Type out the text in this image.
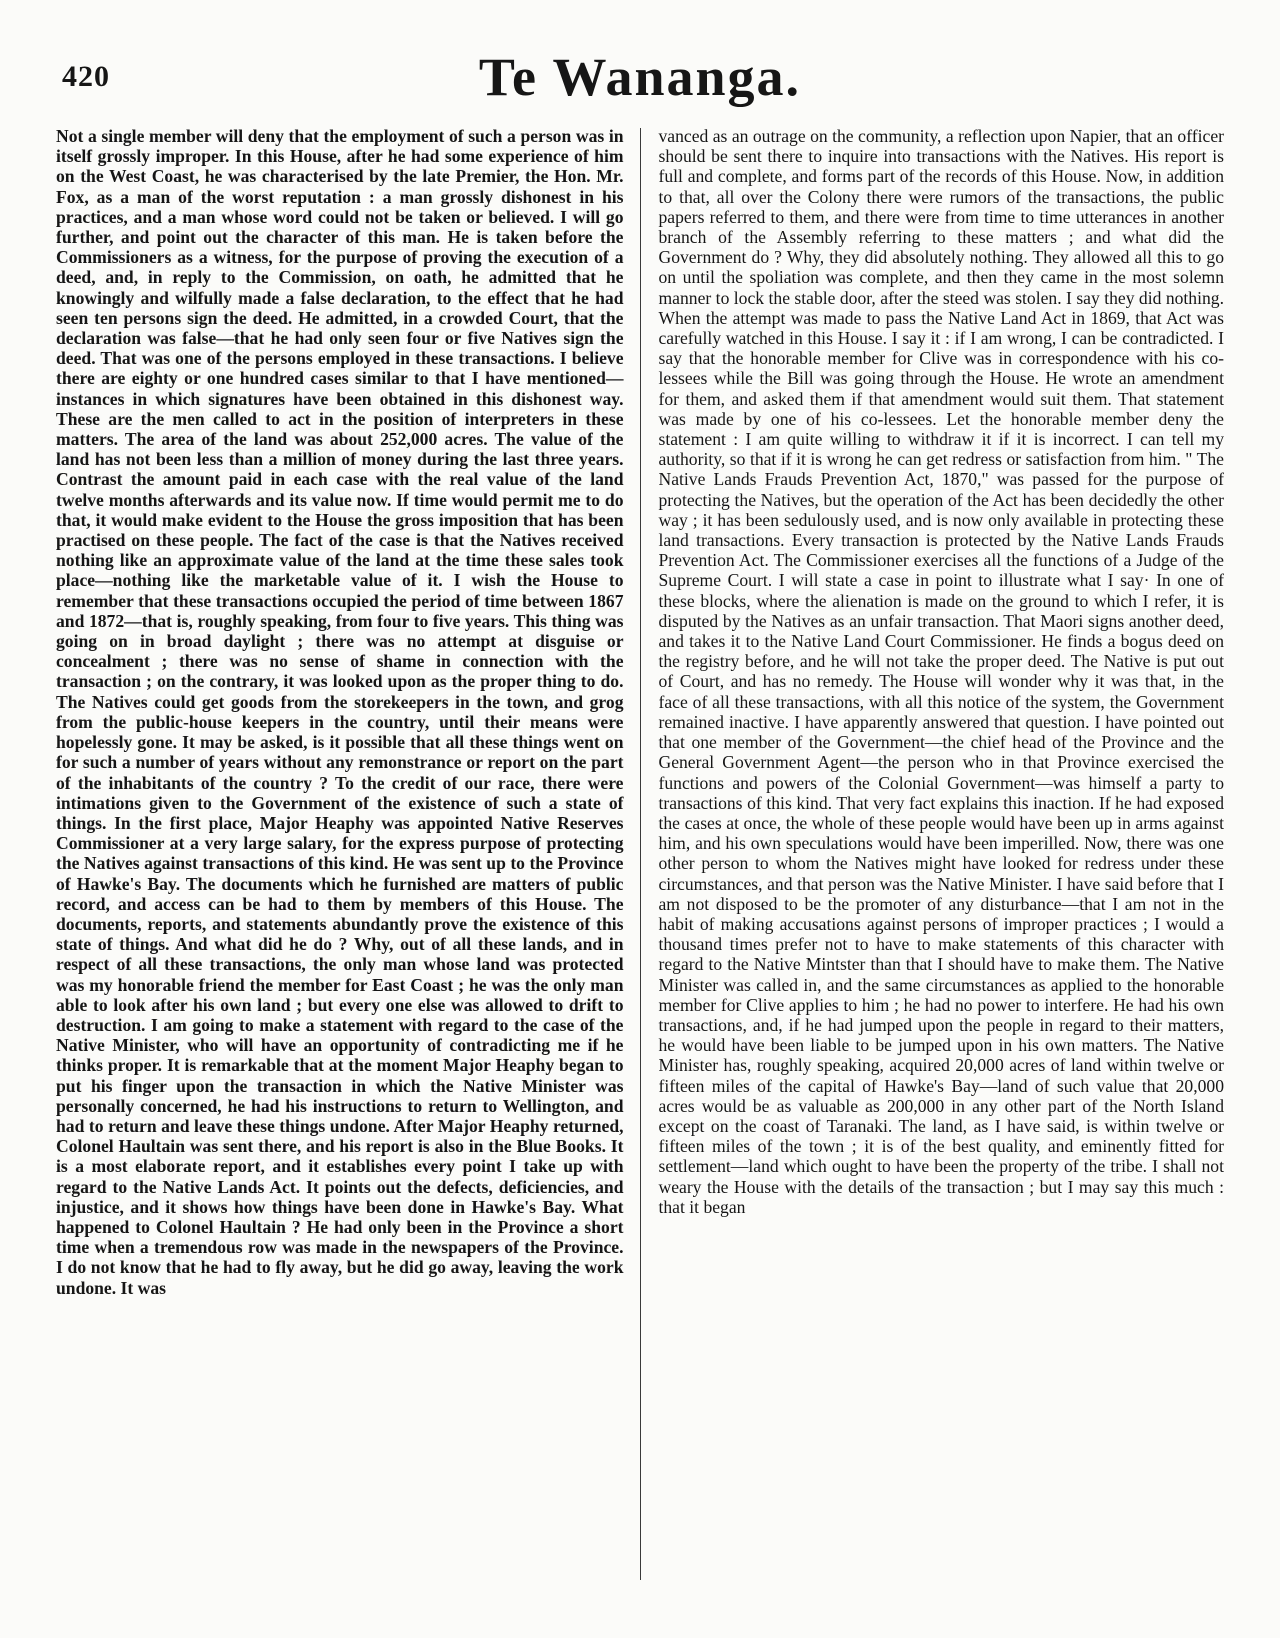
420	Te Wananga.
Not a single member will deny that the employment of such a person was in itself grossly improper. In this House, after he had some experience of him on the West Coast, he was characterised by the late Premier, the Hon. Mr. Fox, as a man of the worst reputation : a man grossly dishonest in his practices, and a man whose word could not be taken or believed. I will go further, and point out the character of this man. He is taken before the Commissioners as a witness, for the purpose of proving the execution of a deed, and, in reply to the Commission, on oath, he admitted that he knowingly and wilfully made a false declaration, to the effect that he had seen ten persons sign the deed. He admitted, in a crowded Court, that the declaration was false—that he had only seen four or five Natives sign the deed. That was one of the persons employed in these transactions. I believe there are eighty or one hundred cases similar to that I have mentioned—instances in which signatures have been obtained in this dishonest way. These are the men called to act in the position of interpreters in these matters. The area of the land was about 252,000 acres. The value of the land has not been less than a million of money during the last three years. Contrast the amount paid in each case with the real value of the land twelve months afterwards and its value now. If time would permit me to do that, it would make evident to the House the gross imposition that has been practised on these people. The fact of the case is that the Natives received nothing like an approximate value of the land at the time these sales took place—nothing like the marketable value of it. I wish the House to remember that these transactions occupied the period of time between 1867 and 1872—that is, roughly speaking, from four to five years. This thing was going on in broad daylight ; there was no attempt at disguise or concealment ; there was no sense of shame in connection with the transaction ; on the contrary, it was looked upon as the proper thing to do. The Natives could get goods from the storekeepers in the town, and grog from the public-house keepers in the country, until their means were hopelessly gone. It may be asked, is it possible that all these things went on for such a number of years without any remonstrance or report on the part of the inhabitants of the country ? To the credit of our race, there were intimations given to the Government of the existence of such a state of things. In the first place, Major Heaphy was appointed Native Reserves Commissioner at a very large salary, for the express purpose of protecting the Natives against transactions of this kind. He was sent up to the Province of Hawke's Bay. The documents which he furnished are matters of public record, and access can be had to them by members of this House. The documents, reports, and statements abundantly prove the existence of this state of things. And what did he do ? Why, out of all these lands, and in respect of all these transactions, the only man whose land was protected was my honorable friend the member for East Coast ; he was the only man able to look after his own land ; but every one else was allowed to drift to destruction. I am going to make a statement with regard to the case of the Native Minister, who will have an opportunity of contradicting me if he thinks proper. It is remarkable that at the moment Major Heaphy began to put his finger upon the transaction in which the Native Minister was personally concerned, he had his instructions to return to Wellington, and had to return and leave these things undone. After Major Heaphy returned, Colonel Haultain was sent there, and his report is also in the Blue Books. It is a most elaborate report, and it establishes every point I take up with regard to the Native Lands Act. It points out the defects, deficiencies, and injustice, and it shows how things have been done in Hawke's Bay. What happened to Colonel Haultain ? He had only been in the Province a short time when a tremendous row was made in the newspapers of the Province. I do not know that he had to fly away, but he did go away, leaving the work undone. It was
vanced as an outrage on the community, a reflection upon Napier, that an officer should be sent there to inquire into transactions with the Natives. His report is full and complete, and forms part of the records of this House. Now, in addition to that, all over the Colony there were rumors of the transactions, the public papers referred to them, and there were from time to time utterances in another branch of the Assembly referring to these matters ; and what did the Government do ? Why, they did absolutely nothing. They allowed all this to go on until the spoliation was complete, and then they came in the most solemn manner to lock the stable door, after the steed was stolen. I say they did nothing. When the attempt was made to pass the Native Land Act in 1869, that Act was carefully watched in this House. I say it : if I am wrong, I can be contradicted. I say that the honorable member for Clive was in correspondence with his co-lessees while the Bill was going through the House. He wrote an amendment for them, and asked them if that amendment would suit them. That statement was made by one of his co-lessees. Let the honorable member deny the statement : I am quite willing to withdraw it if it is incorrect. I can tell my authority, so that if it is wrong he can get redress or satisfaction from him. " The Native Lands Frauds Prevention Act, 1870," was passed for the purpose of protecting the Natives, but the operation of the Act has been decidedly the other way ; it has been sedulously used, and is now only available in protecting these land transactions. Every transaction is protected by the Native Lands Frauds Prevention Act. The Commissioner exercises all the functions of a Judge of the Supreme Court. I will state a case in point to illustrate what I say· In one of these blocks, where the alienation is made on the ground to which I refer, it is disputed by the Natives as an unfair transaction. That Maori signs another deed, and takes it to the Native Land Court Commissioner. He finds a bogus deed on the registry before, and he will not take the proper deed. The Native is put out of Court, and has no remedy. The House will wonder why it was that, in the face of all these transactions, with all this notice of the system, the Government remained inactive. I have apparently answered that question. I have pointed out that one member of the Government—the chief head of the Province and the General Government Agent—the person who in that Province exercised the functions and powers of the Colonial Government—was himself a party to transactions of this kind. That very fact explains this inaction. If he had exposed the cases at once, the whole of these people would have been up in arms against him, and his own speculations would have been imperilled. Now, there was one other person to whom the Natives might have looked for redress under these circumstances, and that person was the Native Minister. I have said before that I am not disposed to be the promoter of any disturbance—that I am not in the habit of making accusations against persons of improper practices ; I would a thousand times prefer not to have to make statements of this character with regard to the Native Mintster than that I should have to make them. The Native Minister was called in, and the same circumstances as applied to the honorable member for Clive applies to him ; he had no power to interfere. He had his own transactions, and, if he had jumped upon the people in regard to their matters, he would have been liable to be jumped upon in his own matters. The Native Minister has, roughly speaking, acquired 20,000 acres of land within twelve or fifteen miles of the capital of Hawke's Bay—land of such value that 20,000 acres would be as valuable as 200,000 in any other part of the North Island except on the coast of Taranaki. The land, as I have said, is within twelve or fifteen miles of the town ; it is of the best quality, and eminently fitted for settlement—land which ought to have been the property of the tribe. I shall not weary the House with the details of the transaction ; but I may say this much : that it began
